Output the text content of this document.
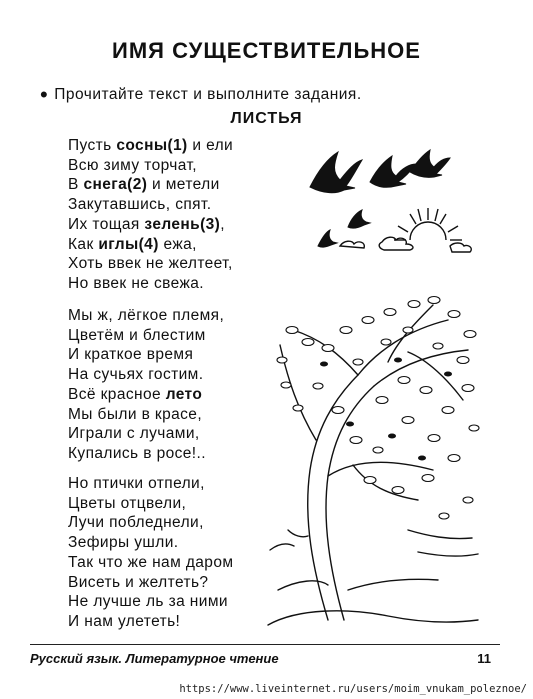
ИМЯ СУЩЕСТВИТЕЛЬНОЕ
• Прочитайте текст и выполните задания.
ЛИСТЬЯ
Пусть сосны(1) и ели
Всю зиму торчат,
В снега(2) и метели
Закутавшись, спят.
Их тощая зелень(3),
Как иглы(4) ежа,
Хоть ввек не желтеет,
Но ввек не свежа.
Мы ж, лёгкое племя,
Цветём и блестим
И краткое время
На сучьях гостим.
Всё красное лето
Мы были в красе,
Играли с лучами,
Купались в росе!..
Но птички отпели,
Цветы отцвели,
Лучи побледнели,
Зефиры ушли.
Так что же нам даром
Висеть и желтеть?
Не лучше ль за ними
И нам улететь!
Русский язык. Литературное чтение	11
https://www.liveinternet.ru/users/moim_vnukam_poleznoe/
